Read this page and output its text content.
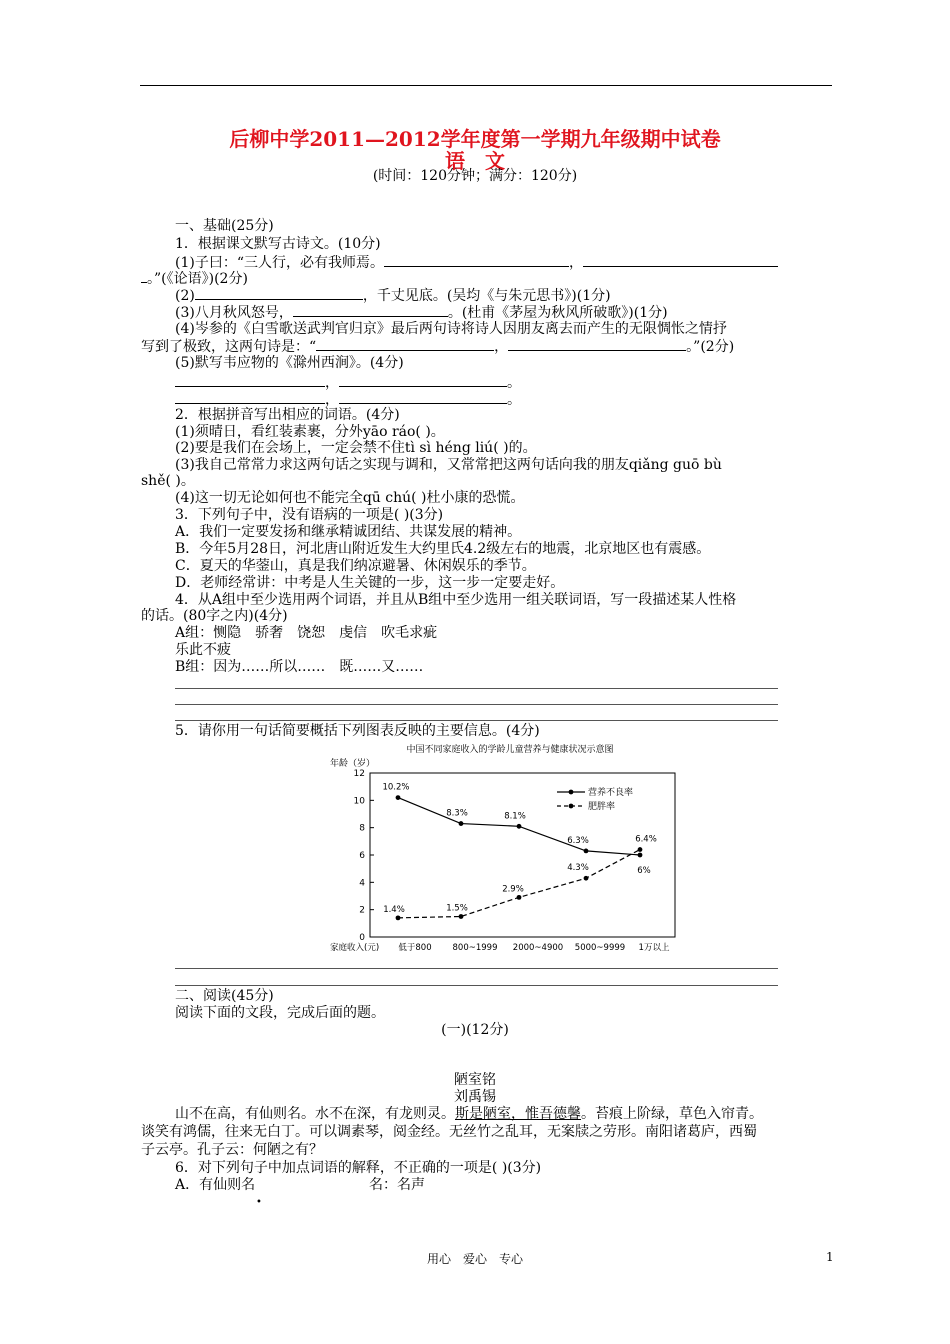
后柳中学2011—2012学年度第一学期九年级期中试卷
语　文
(时间：120分钟；满分：120分)
一、基础(25分)
1．根据课文默写古诗文。(10分)
(1)子曰：“三人行，必有我师焉。	，
。”(《论语》)(2分)
(2)	，千丈见底。(吴均《与朱元思书》)(1分)
(3)八月秋风怒号，	。(杜甫《茅屋为秋风所破歌》)(1分)
(4)岑参的《白雪歌送武判官归京》最后两句诗将诗人因朋友离去而产生的无限惆怅之情抒
写到了极致，这两句诗是：“	，	。”(2分)
(5)默写韦应物的《滁州西涧》。(4分)
，	。
，	。
2．根据拼音写出相应的词语。(4分)
(1)须晴日，看红装素裹，分外yāo ráo( )。
(2)要是我们在会场上，一定会禁不住tì sì héng liú( )的。
(3)我自己常常力求这两句话之实现与调和，又常常把这两句话向我的朋友qiǎng guō bù
shě( )。
(4)这一切无论如何也不能完全qū chú( )杜小康的恐慌。
3．下列句子中，没有语病的一项是( )(3分)
A．我们一定要发扬和继承精诚团结、共谋发展的精神。
B．今年5月28日，河北唐山附近发生大约里氏4.2级左右的地震，北京地区也有震感。
C．夏天的华蓥山，真是我们纳凉避暑、休闲娱乐的季节。
D．老师经常讲：中考是人生关键的一步，这一步一定要走好。
4．从A组中至少选用两个词语，并且从B组中至少选用一组关联词语，写一段描述某人性格
的话。(80字之内)(4分)
A组：恻隐　骄奢　饶恕　虔信　吹毛求疵
乐此不疲
B组：因为……所以……　既……又……
5．请你用一句话简要概括下列图表反映的主要信息。(4分)
中国不同家庭收入的学龄儿童营养与健康状况示意图
年龄（岁）
0
2
4
6
8
10
12
10.2%
8.3%	8.1%
6.3%
6%
1.4%	1.5%
2.9%
4.3%
6.4%
家庭收入(元) 低于800 800~1999 2000~4900 5000~9999 1万以上
营养不良率
肥胖率
二、阅读(45分)
阅读下面的文段，完成后面的题。
(一)(12分)
陋室铭
刘禹锡
山不在高，有仙则名。水不在深，有龙则灵。斯是陋室，惟吾德馨。苔痕上阶绿，草色入帘青。
谈笑有鸿儒，往来无白丁。可以调素琴，阅金经。无丝竹之乱耳，无案牍之劳形。南阳诸葛庐，西蜀
子云亭。孔子云：何陋之有？
6．对下列句子中加点词语的解释，不正确的一项是( )(3分)
A．有仙则名	名：名声
•
用心　爱心　专心	1
